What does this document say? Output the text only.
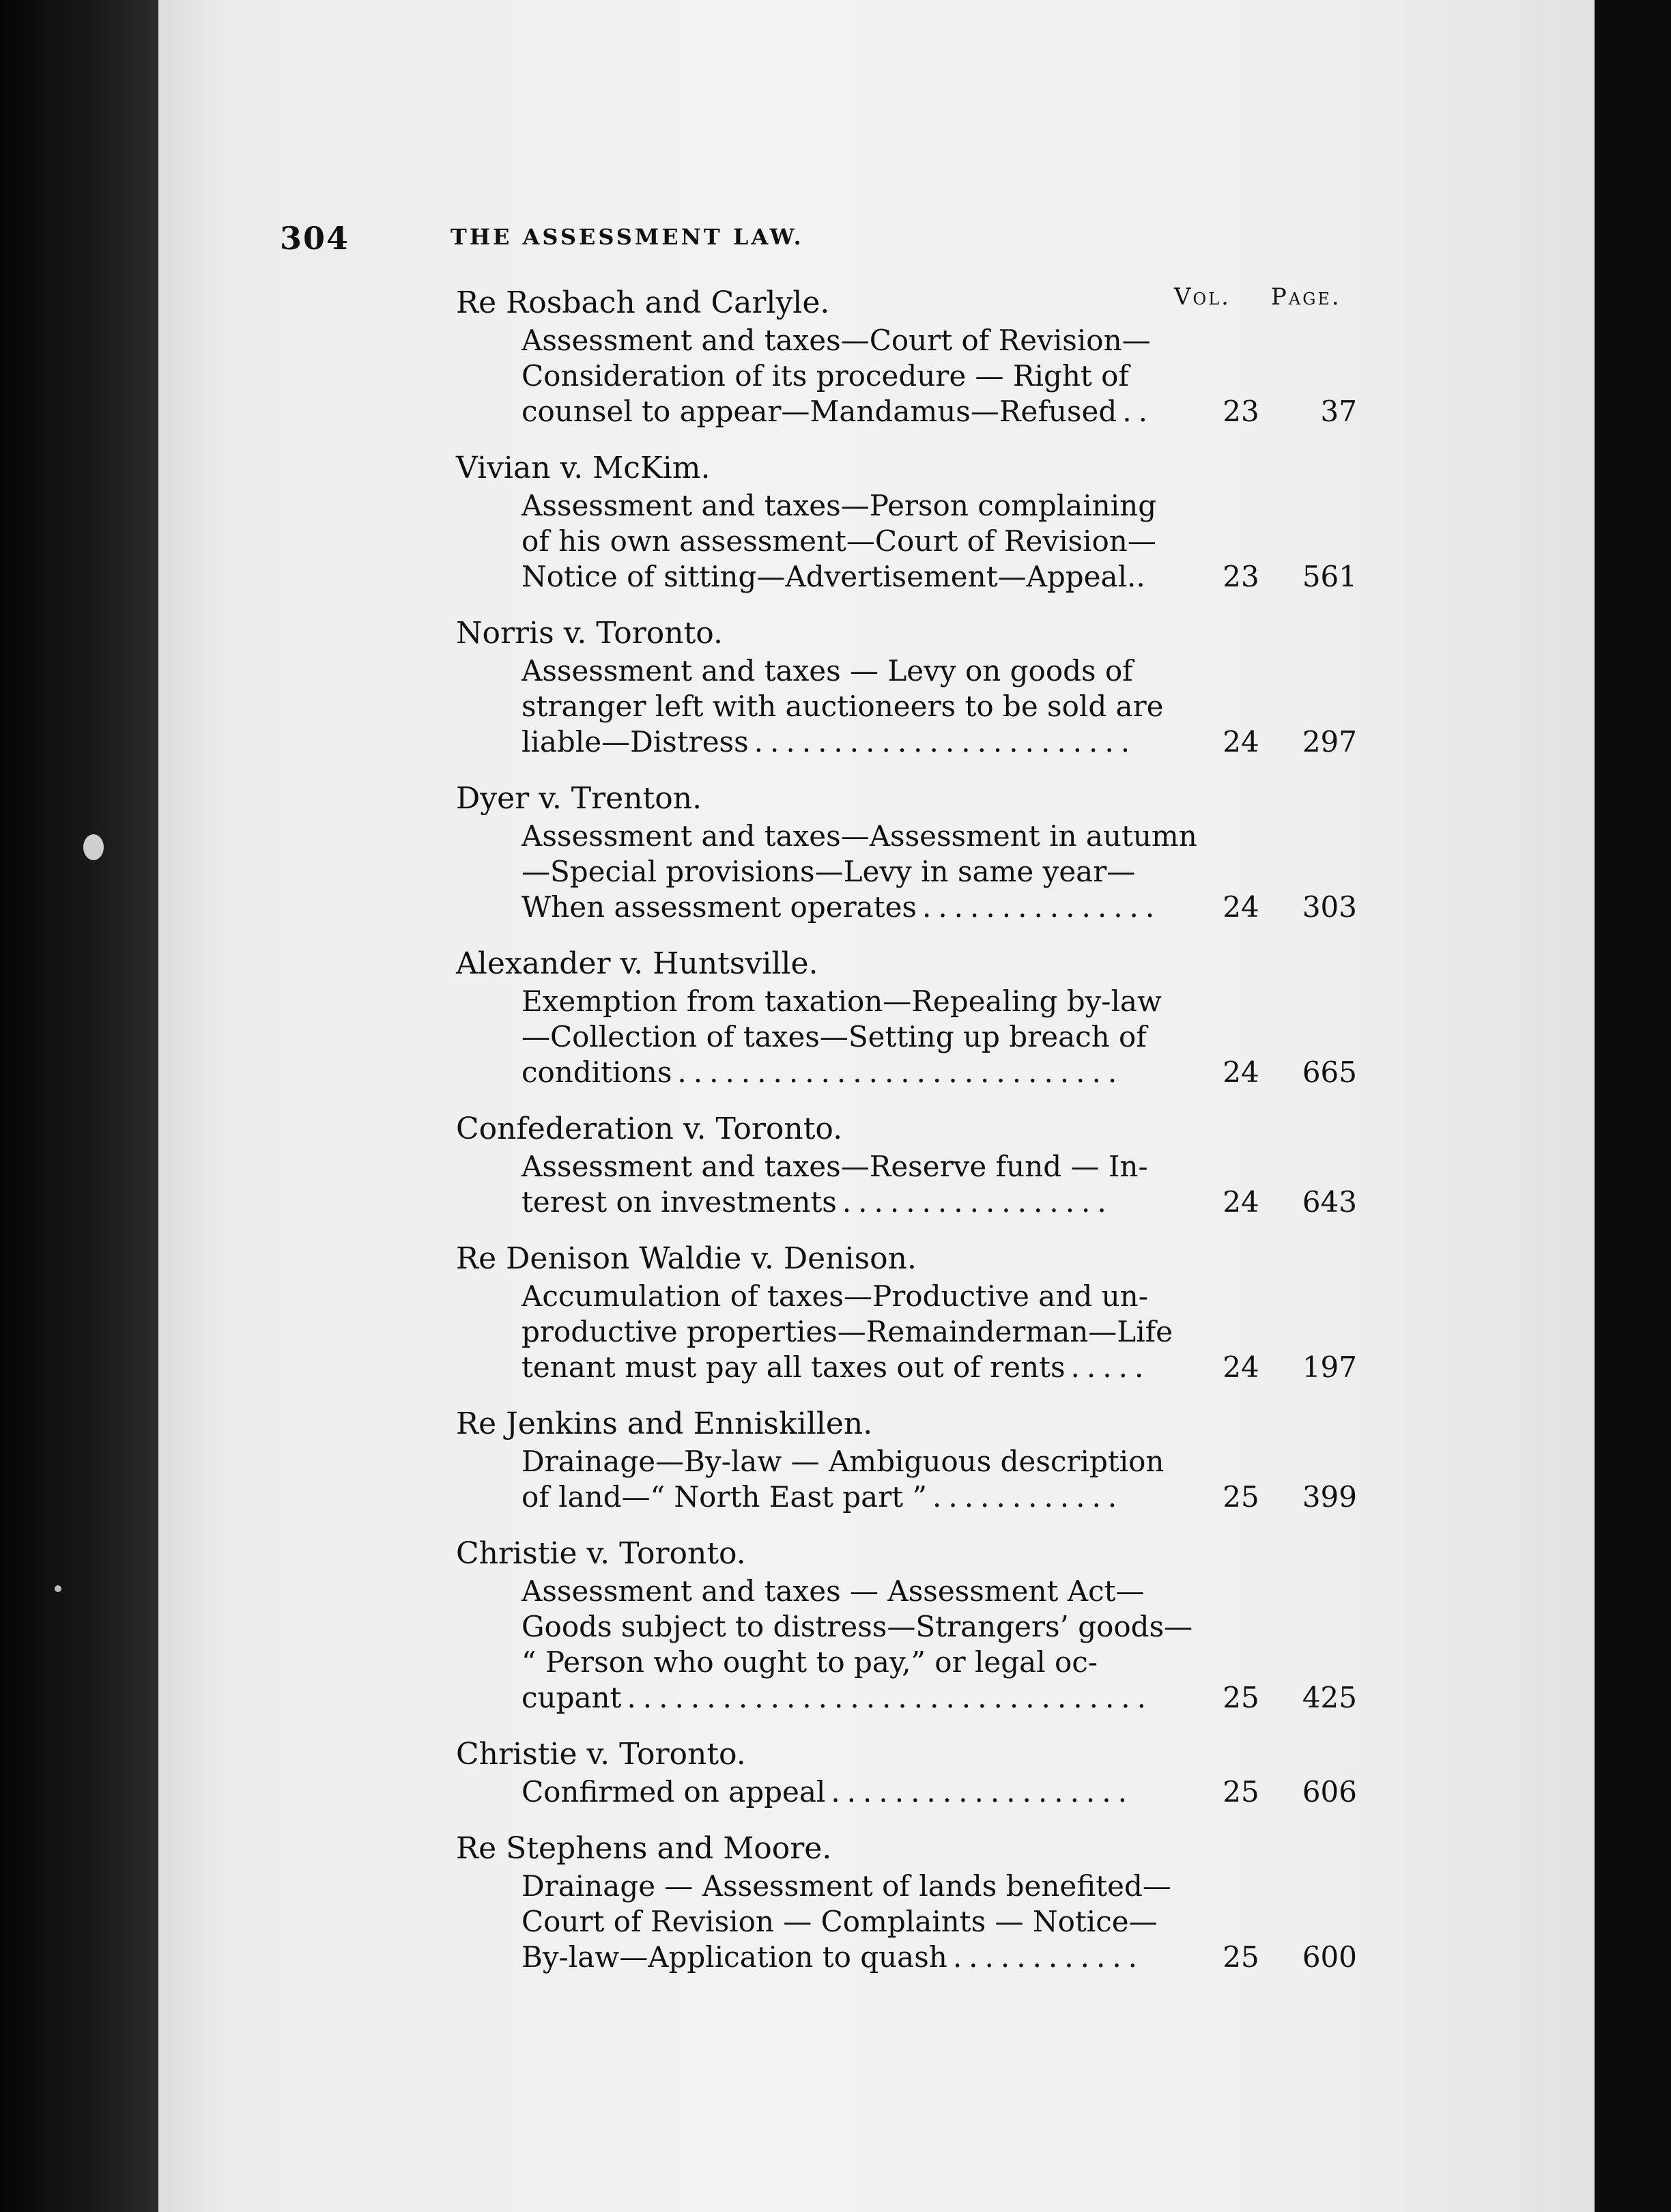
304	THE ASSESSMENT LAW.
Vol. Page.
Re Rosbach and Carlyle.
Assessment and taxes—Court of Revision—
Consideration of its procedure — Right of
counsel to appear—Mandamus—Refused ..	23	37
Vivian v. McKim.
Assessment and taxes—Person complaining
of his own assessment—Court of Revision—
Notice of sitting—Advertisement—Appeal..	23	561
Norris v. Toronto.
Assessment and taxes — Levy on goods of
stranger left with auctioneers to be sold are
liable—Distress ........................	24	297
Dyer v. Trenton.
Assessment and taxes—Assessment in autumn
—Special provisions—Levy in same year—
When assessment operates ...............	24	303
Alexander v. Huntsville.
Exemption from taxation—Repealing by-law
—Collection of taxes—Setting up breach of
conditions ............................	24	665
Confederation v. Toronto.
Assessment and taxes—Reserve fund — In-
terest on investments .................	24	643
Re Denison Waldie v. Denison.
Accumulation of taxes—Productive and un-
productive properties—Remainderman—Life
tenant must pay all taxes out of rents .....	24	197
Re Jenkins and Enniskillen.
Drainage—By-law — Ambiguous description
of land—“ North East part ” ............	25	399
Christie v. Toronto.
Assessment and taxes — Assessment Act—
Goods subject to distress—Strangers’ goods—
“ Person who ought to pay,” or legal oc-
cupant .................................	25	425
Christie v. Toronto.
Confirmed on appeal ...................	25	606
Re Stephens and Moore.
Drainage — Assessment of lands benefited—
Court of Revision — Complaints — Notice—
By-law—Application to quash ............	25	600
